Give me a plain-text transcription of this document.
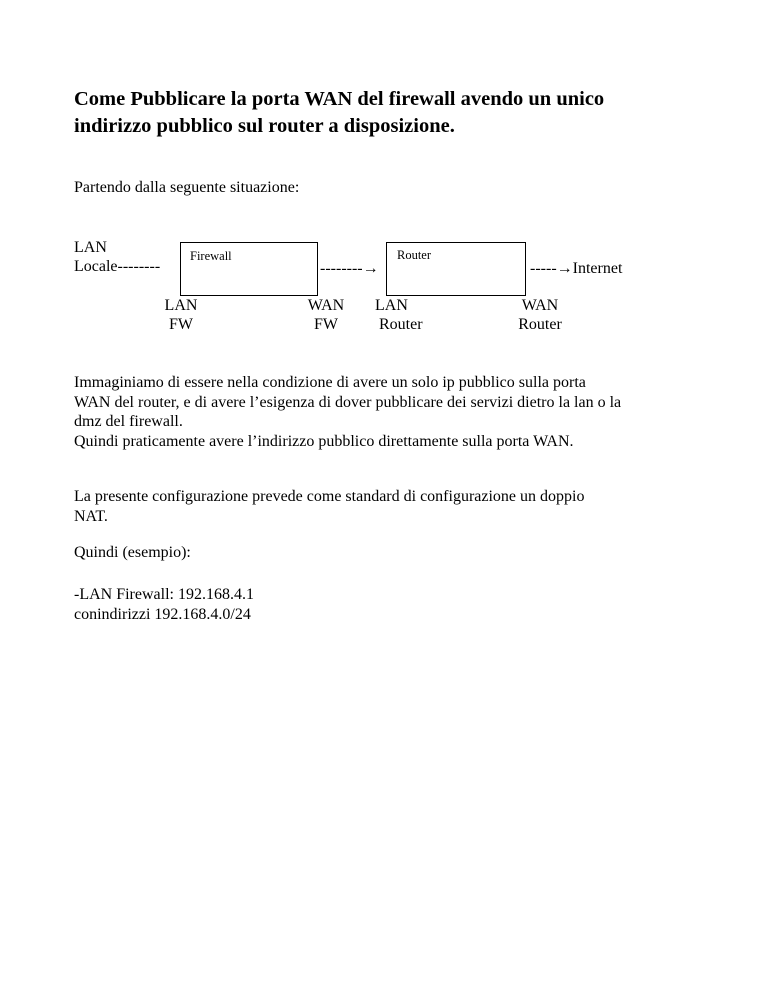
Come Pubblicare la porta WAN del firewall avendo un unico
indirizzo pubblico sul router a disposizione.

Partendo dalla seguente situazione:

LAN
Locale--------
Firewall
--------→
Router
-----→Internet
LAN
FW
WAN
FW
LAN
Router
WAN
Router

Immaginiamo di essere nella condizione di avere un solo ip pubblico sulla porta
WAN del router, e di avere l’esigenza di dover pubblicare dei servizi dietro la lan o la
dmz del firewall.
Quindi praticamente avere l’indirizzo pubblico direttamente sulla porta WAN.

La presente configurazione prevede come standard di configurazione un doppio
NAT.

Quindi (esempio):

-LAN Firewall: 192.168.4.1
conindirizzi 192.168.4.0/24
